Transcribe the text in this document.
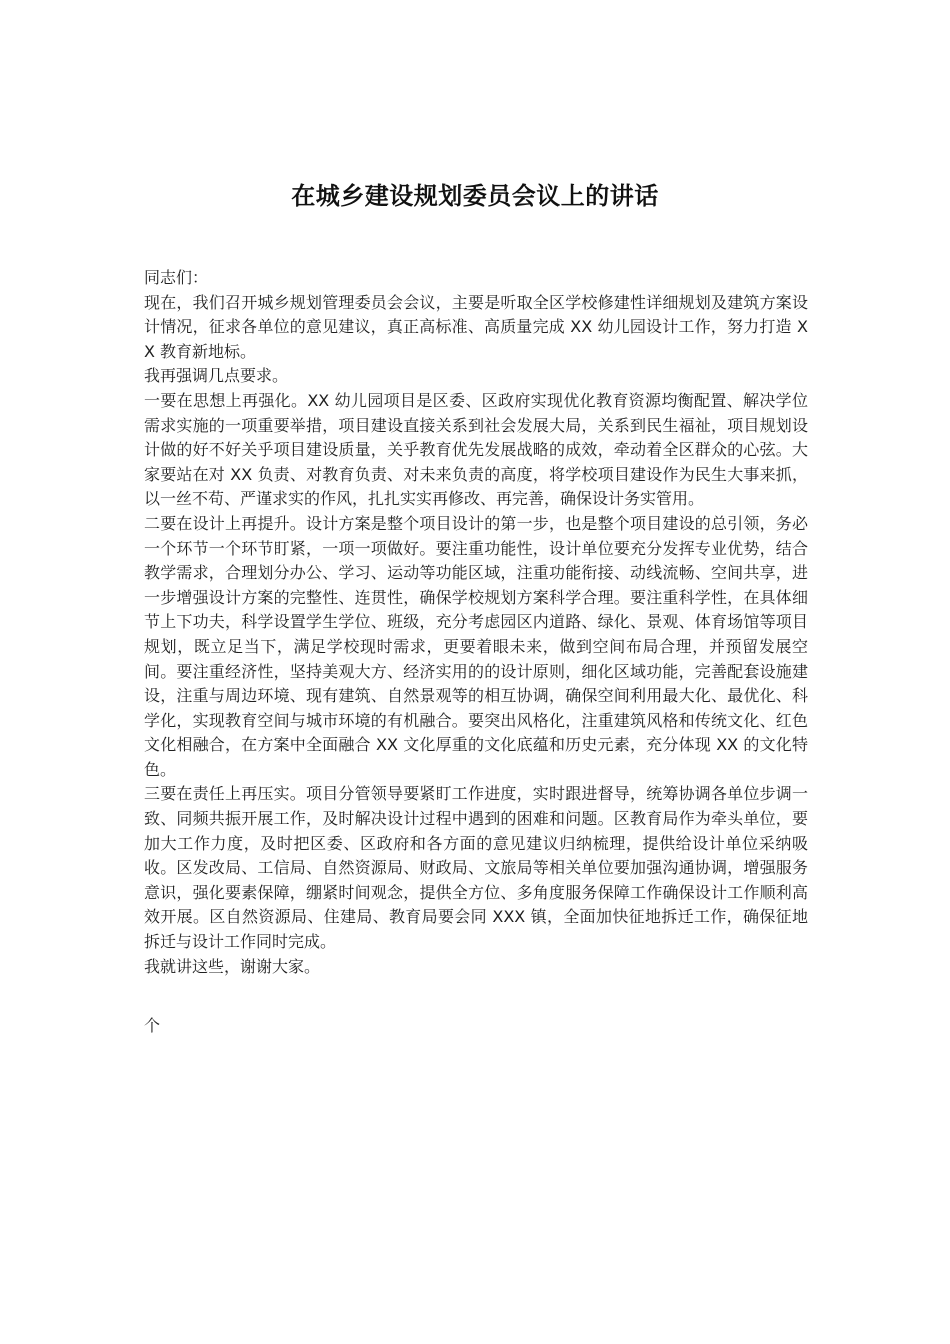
在城乡建设规划委员会议上的讲话

同志们：

现在，我们召开城乡规划管理委员会会议，主要是听取全区学校修建性详细规划及建筑方案设计情况，征求各单位的意见建议，真正高标准、高质量完成 XX 幼儿园设计工作，努力打造 XX 教育新地标。

我再强调几点要求。

一要在思想上再强化。XX 幼儿园项目是区委、区政府实现优化教育资源均衡配置、解决学位需求实施的一项重要举措，项目建设直接关系到社会发展大局，关系到民生福祉，项目规划设计做的好不好关乎项目建设质量，关乎教育优先发展战略的成效，牵动着全区群众的心弦。大家要站在对 XX 负责、对教育负责、对未来负责的高度，将学校项目建设作为民生大事来抓，以一丝不苟、严谨求实的作风，扎扎实实再修改、再完善，确保设计务实管用。

二要在设计上再提升。设计方案是整个项目设计的第一步，也是整个项目建设的总引领，务必一个环节一个环节盯紧，一项一项做好。要注重功能性，设计单位要充分发挥专业优势，结合教学需求，合理划分办公、学习、运动等功能区域，注重功能衔接、动线流畅、空间共享，进一步增强设计方案的完整性、连贯性，确保学校规划方案科学合理。要注重科学性，在具体细节上下功夫，科学设置学生学位、班级，充分考虑园区内道路、绿化、景观、体育场馆等项目规划，既立足当下，满足学校现时需求，更要着眼未来，做到空间布局合理，并预留发展空间。要注重经济性，坚持美观大方、经济实用的的设计原则，细化区域功能，完善配套设施建设，注重与周边环境、现有建筑、自然景观等的相互协调，确保空间利用最大化、最优化、科学化，实现教育空间与城市环境的有机融合。要突出风格化，注重建筑风格和传统文化、红色文化相融合，在方案中全面融合 XX 文化厚重的文化底蕴和历史元素，充分体现 XX 的文化特色。

三要在责任上再压实。项目分管领导要紧盯工作进度，实时跟进督导，统筹协调各单位步调一致、同频共振开展工作，及时解决设计过程中遇到的困难和问题。区教育局作为牵头单位，要加大工作力度，及时把区委、区政府和各方面的意见建议归纳梳理，提供给设计单位采纳吸收。区发改局、工信局、自然资源局、财政局、文旅局等相关单位要加强沟通协调，增强服务意识，强化要素保障，绷紧时间观念，提供全方位、多角度服务保障工作确保设计工作顺利高效开展。区自然资源局、住建局、教育局要会同 XXX 镇，全面加快征地拆迁工作，确保征地拆迁与设计工作同时完成。

我就讲这些，谢谢大家。

个
